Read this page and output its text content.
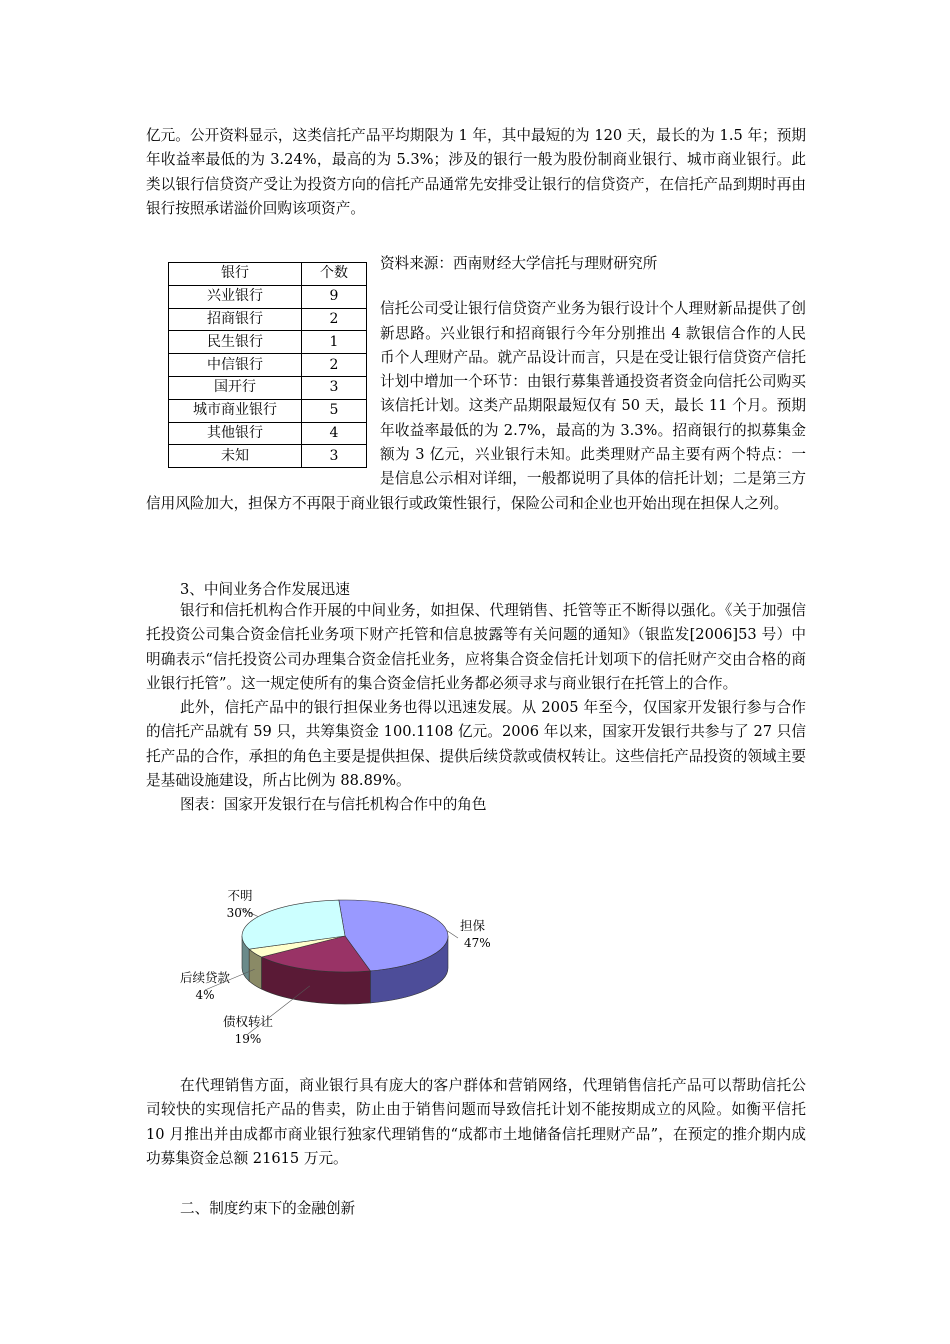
亿元。公开资料显示，这类信托产品平均期限为 1 年，其中最短的为 120 天，最长的为 1.5 年；预期年收益率最低的为 3.24%，最高的为 5.3%；涉及的银行一般为股份制商业银行、城市商业银行。此类以银行信贷资产受让为投资方向的信托产品通常先安排受让银行的信贷资产，在信托产品到期时再由银行按照承诺溢价回购该项资产。

银行	个数
兴业银行	9
招商银行	2
民生银行	1
中信银行	2
国开行	3
城市商业银行	5
其他银行	4
未知	3

资料来源：西南财经大学信托与理财研究所

信托公司受让银行信贷资产业务为银行设计个人理财新品提供了创新思路。兴业银行和招商银行今年分别推出 4 款银信合作的人民币个人理财产品。就产品设计而言，只是在受让银行信贷资产信托计划中增加一个环节：由银行募集普通投资者资金向信托公司购买该信托计划。这类产品期限最短仅有 50 天，最长 11 个月。预期年收益率最低的为 2.7%，最高的为 3.3%。招商银行的拟募集金额为 3 亿元，兴业银行未知。此类理财产品主要有两个特点：一是信息公示相对详细，一般都说明了具体的信托计划；二是第三方信用风险加大，担保方不再限于商业银行或政策性银行，保险公司和企业也开始出现在担保人之列。

3、中间业务合作发展迅速

银行和信托机构合作开展的中间业务，如担保、代理销售、托管等正不断得以强化。《关于加强信托投资公司集合资金信托业务项下财产托管和信息披露等有关问题的通知》（银监发[2006]53 号）中明确表示“信托投资公司办理集合资金信托业务，应将集合资金信托计划项下的信托财产交由合格的商业银行托管”。这一规定使所有的集合资金信托业务都必须寻求与商业银行在托管上的合作。

此外，信托产品中的银行担保业务也得以迅速发展。从 2005 年至今，仅国家开发银行参与合作的信托产品就有 59 只，共筹集资金 100.1108 亿元。2006 年以来，国家开发银行共参与了 27 只信托产品的合作，承担的角色主要是提供担保、提供后续贷款或债权转让。这些信托产品投资的领域主要是基础设施建设，所占比例为 88.89%。

图表：国家开发银行在与信托机构合作中的角色

担保
47%
债权转让
19%
后续贷款
4%
不明
30%

在代理销售方面，商业银行具有庞大的客户群体和营销网络，代理销售信托产品可以帮助信托公司较快的实现信托产品的售卖，防止由于销售问题而导致信托计划不能按期成立的风险。如衡平信托 10 月推出并由成都市商业银行独家代理销售的“成都市土地储备信托理财产品”，在预定的推介期内成功募集资金总额 21615 万元。

二、制度约束下的金融创新
